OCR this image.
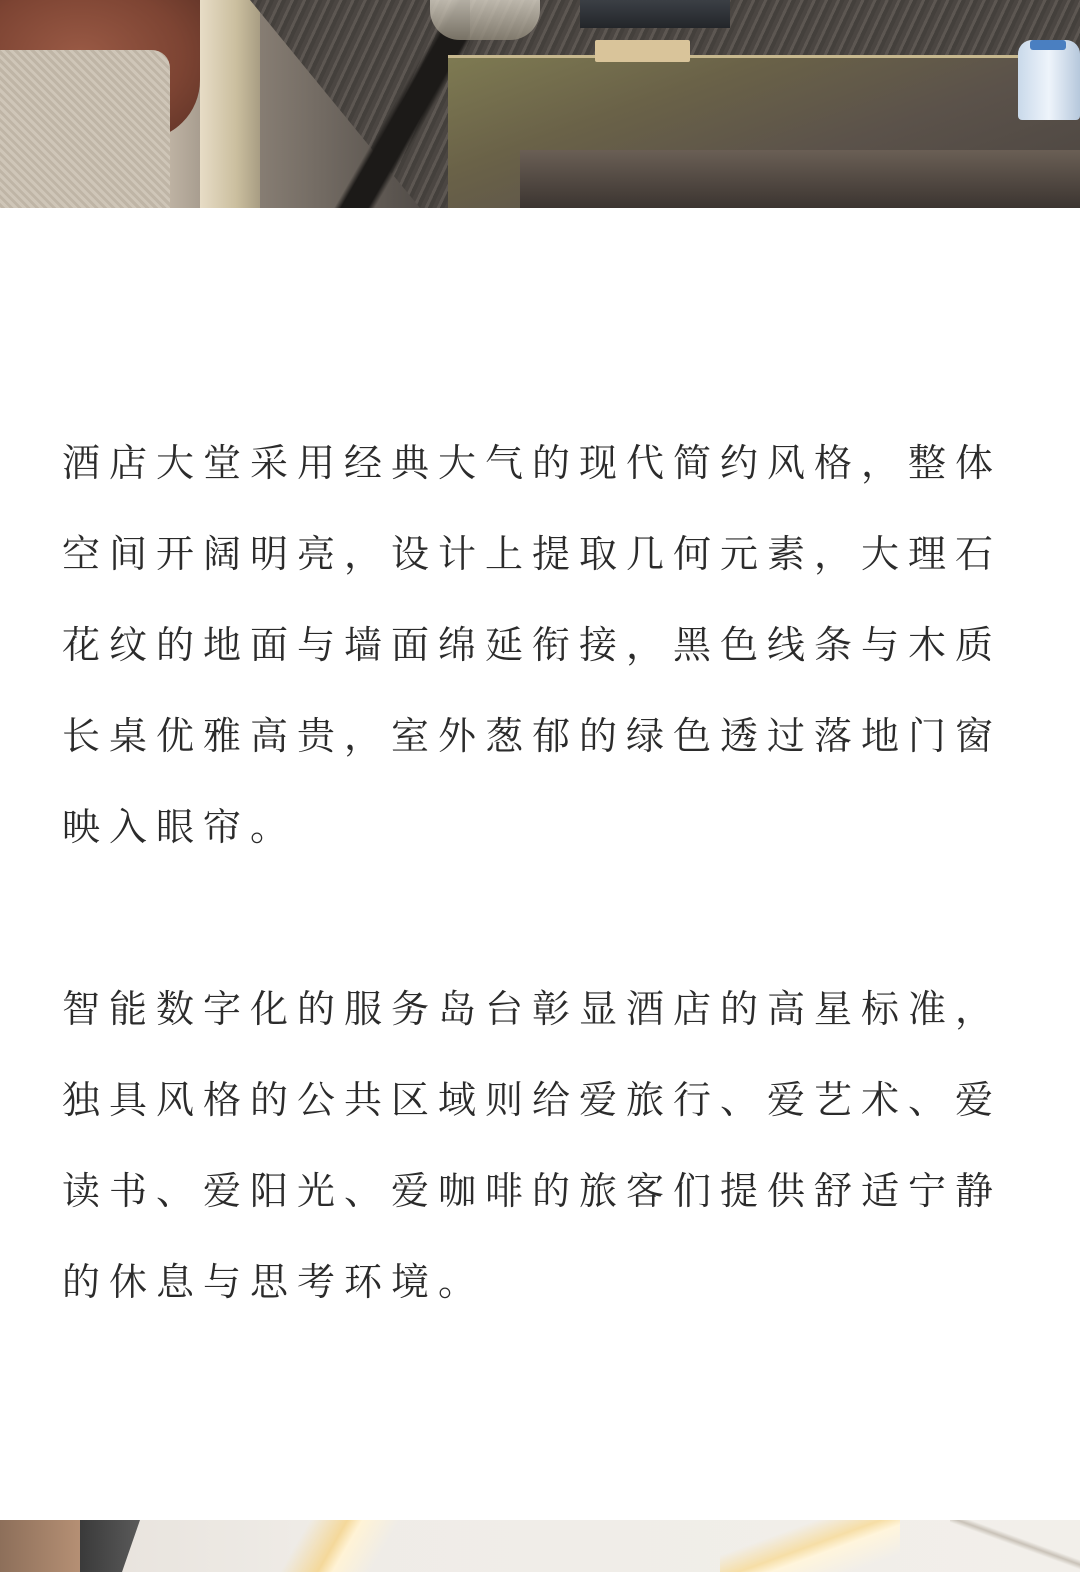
酒店大堂采用经典大气的现代简约风格，整体空间开阔明亮，设计上提取几何元素，大理石花纹的地面与墙面绵延衔接，黑色线条与木质长桌优雅高贵，室外葱郁的绿色透过落地门窗映入眼帘。

智能数字化的服务岛台彰显酒店的高星标准，独具风格的公共区域则给爱旅行、爱艺术、爱读书、爱阳光、爱咖啡的旅客们提供舒适宁静的休息与思考环境。
